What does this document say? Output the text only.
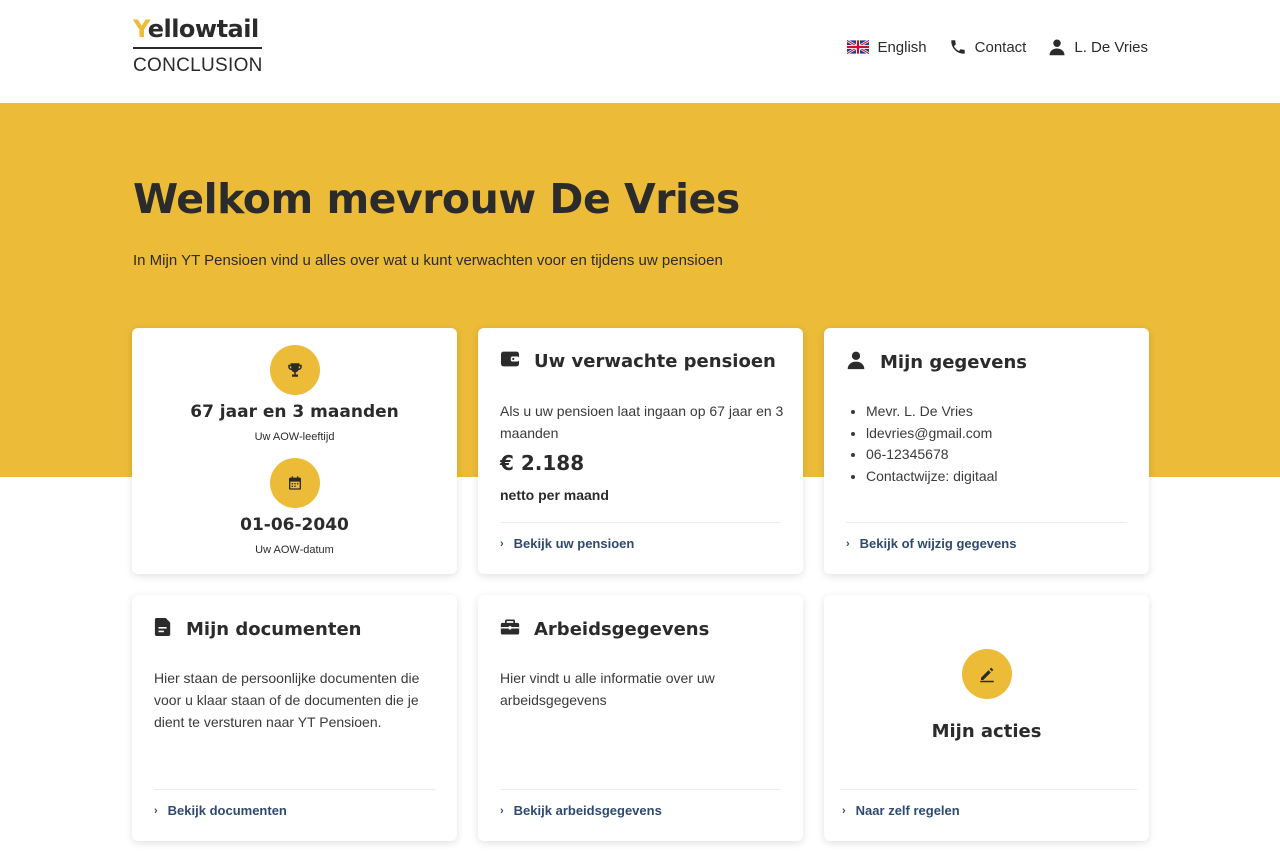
Yellowtail
CONCLUSION
English	Contact	L. De Vries
Welkom mevrouw De Vries

In Mijn YT Pensioen vind u alles over wat u kunt verwachten voor en tijdens uw pensioen

67 jaar en 3 maanden
Uw AOW-leeftijd
01-06-2040
Uw AOW-datum
Uw verwachte pensioen

Als u uw pensioen laat ingaan op 67 jaar en 3 maanden

€ 2.188
netto per maand
› Bekijk uw pensioen
Mijn gegevens
• Mevr. L. De Vries
• ldevries@gmail.com
• 06-12345678
• Contactwijze: digitaal
› Bekijk of wijzig gegevens
Mijn documenten

Hier staan de persoonlijke documenten die voor u klaar staan of de documenten die je dient te versturen naar YT Pensioen.

› Bekijk documenten
Arbeidsgegevens

Hier vindt u alle informatie over uw arbeidsgegevens

› Bekijk arbeidsgegevens
Mijn acties
› Naar zelf regelen
